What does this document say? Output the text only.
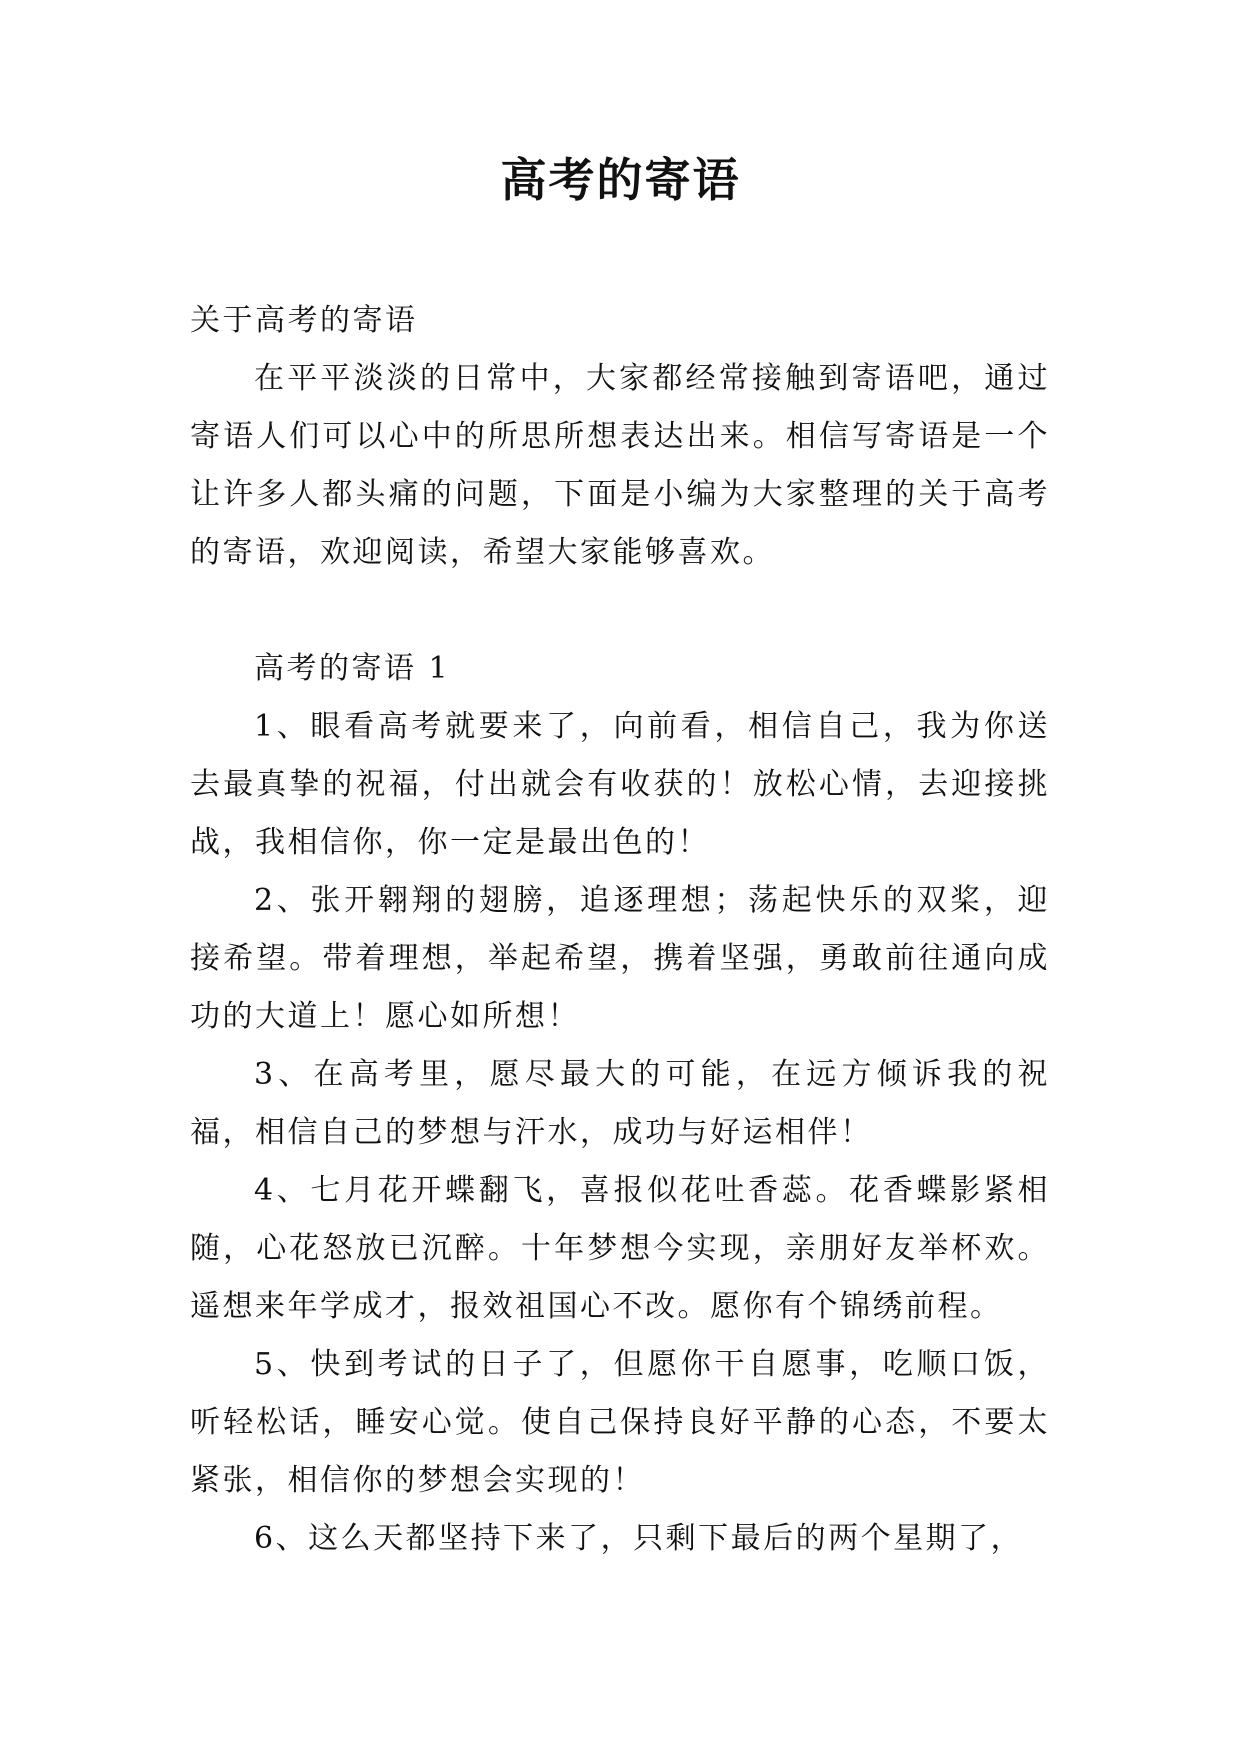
高考的寄语

关于高考的寄语

在平平淡淡的日常中，大家都经常接触到寄语吧，通过寄语人们可以心中的所思所想表达出来。相信写寄语是一个让许多人都头痛的问题，下面是小编为大家整理的关于高考的寄语，欢迎阅读，希望大家能够喜欢。

高考的寄语 1

1、眼看高考就要来了，向前看，相信自己，我为你送去最真挚的祝福，付出就会有收获的！放松心情，去迎接挑战，我相信你，你一定是最出色的！

2、张开翱翔的翅膀，追逐理想；荡起快乐的双桨，迎接希望。带着理想，举起希望，携着坚强，勇敢前往通向成功的大道上！愿心如所想！

3、在高考里，愿尽最大的可能，在远方倾诉我的祝福，相信自己的梦想与汗水，成功与好运相伴！

4、七月花开蝶翻飞，喜报似花吐香蕊。花香蝶影紧相随，心花怒放已沉醉。十年梦想今实现，亲朋好友举杯欢。遥想来年学成才，报效祖国心不改。愿你有个锦绣前程。

5、快到考试的日子了，但愿你干自愿事，吃顺口饭，听轻松话，睡安心觉。使自己保持良好平静的心态，不要太紧张，相信你的梦想会实现的！

6、这么天都坚持下来了，只剩下最后的两个星期了，
